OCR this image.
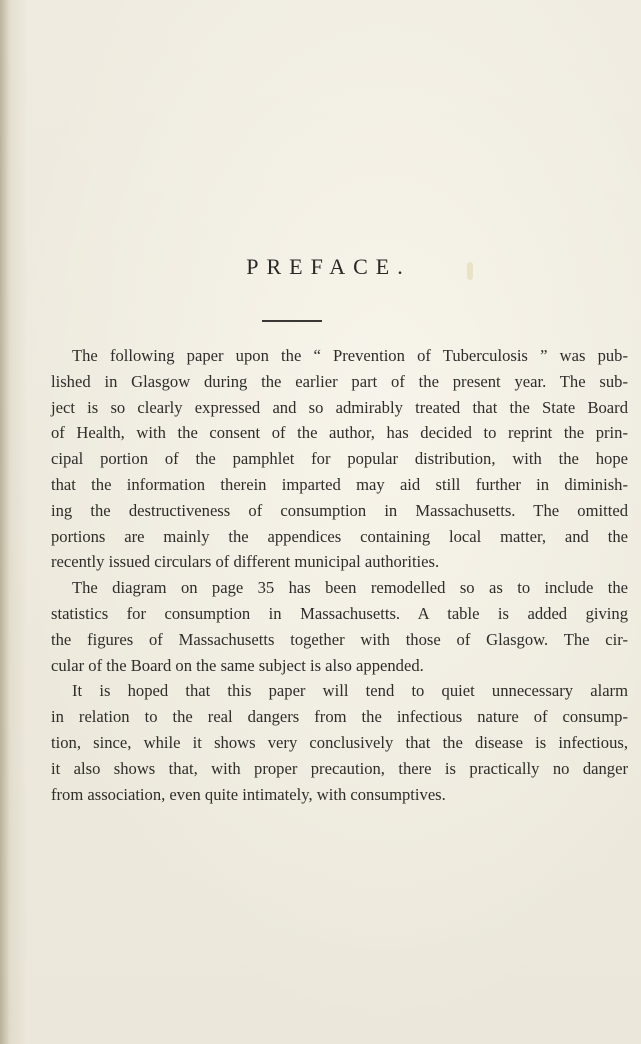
PREFACE.

The following paper upon the “ Prevention of Tuberculosis ” was pub-
lished in Glasgow during the earlier part of the present year. The sub-
ject is so clearly expressed and so admirably treated that the State Board
of Health, with the consent of the author, has decided to reprint the prin-
cipal portion of the pamphlet for popular distribution, with the hope
that the information therein imparted may aid still further in diminish-
ing the destructiveness of consumption in Massachusetts. The omitted
portions are mainly the appendices containing local matter, and the
recently issued circulars of different municipal authorities.

The diagram on page 35 has been remodelled so as to include the
statistics for consumption in Massachusetts. A table is added giving
the figures of Massachusetts together with those of Glasgow. The cir-
cular of the Board on the same subject is also appended.

It is hoped that this paper will tend to quiet unnecessary alarm
in relation to the real dangers from the infectious nature of consump-
tion, since, while it shows very conclusively that the disease is infectious,
it also shows that, with proper precaution, there is practically no danger
from association, even quite intimately, with consumptives.
